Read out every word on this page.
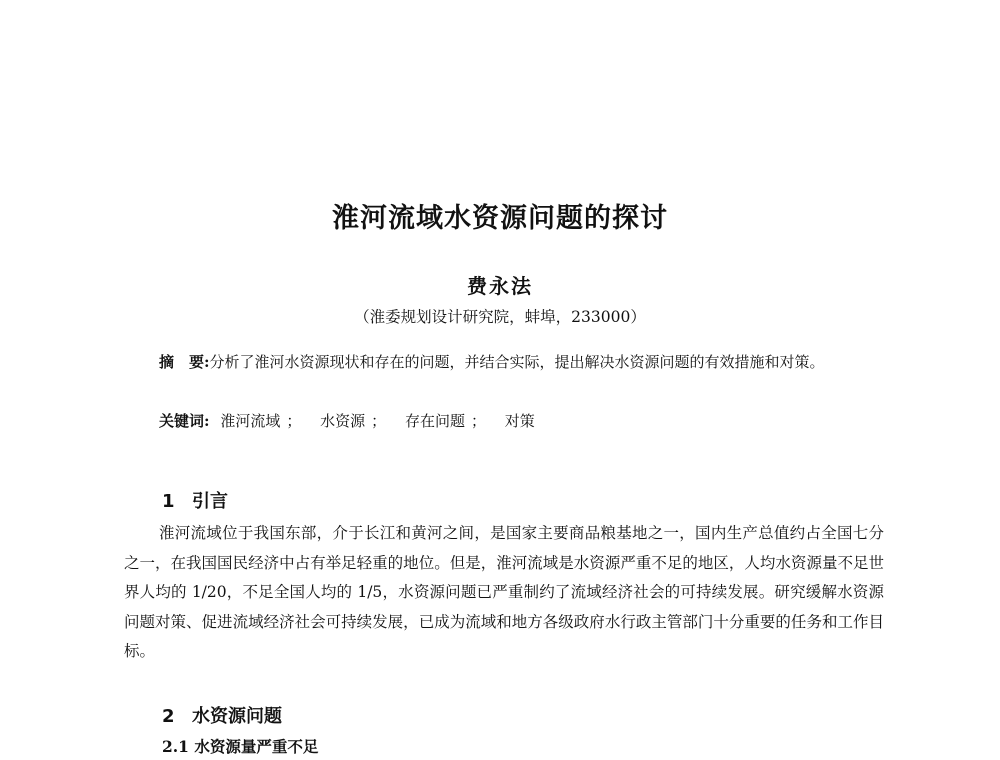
淮河流域水资源问题的探讨
费永法
（淮委规划设计研究院，蚌埠，233000）
摘　要:分析了淮河水资源现状和存在的问题，并结合实际，提出解决水资源问题的有效措施和对策。
关键词: 淮河流域 ； 水资源 ； 存在问题 ； 对策
1 引言
淮河流域位于我国东部，介于长江和黄河之间，是国家主要商品粮基地之一，国内生产总值约占全国七分之一，在我国国民经济中占有举足轻重的地位。但是，淮河流域是水资源严重不足的地区，人均水资源量不足世界人均的 1/20，不足全国人均的 1/5，水资源问题已严重制约了流域经济社会的可持续发展。研究缓解水资源问题对策、促进流域经济社会可持续发展，已成为流域和地方各级政府水行政主管部门十分重要的任务和工作目标。
2 水资源问题
2.1 水资源量严重不足
